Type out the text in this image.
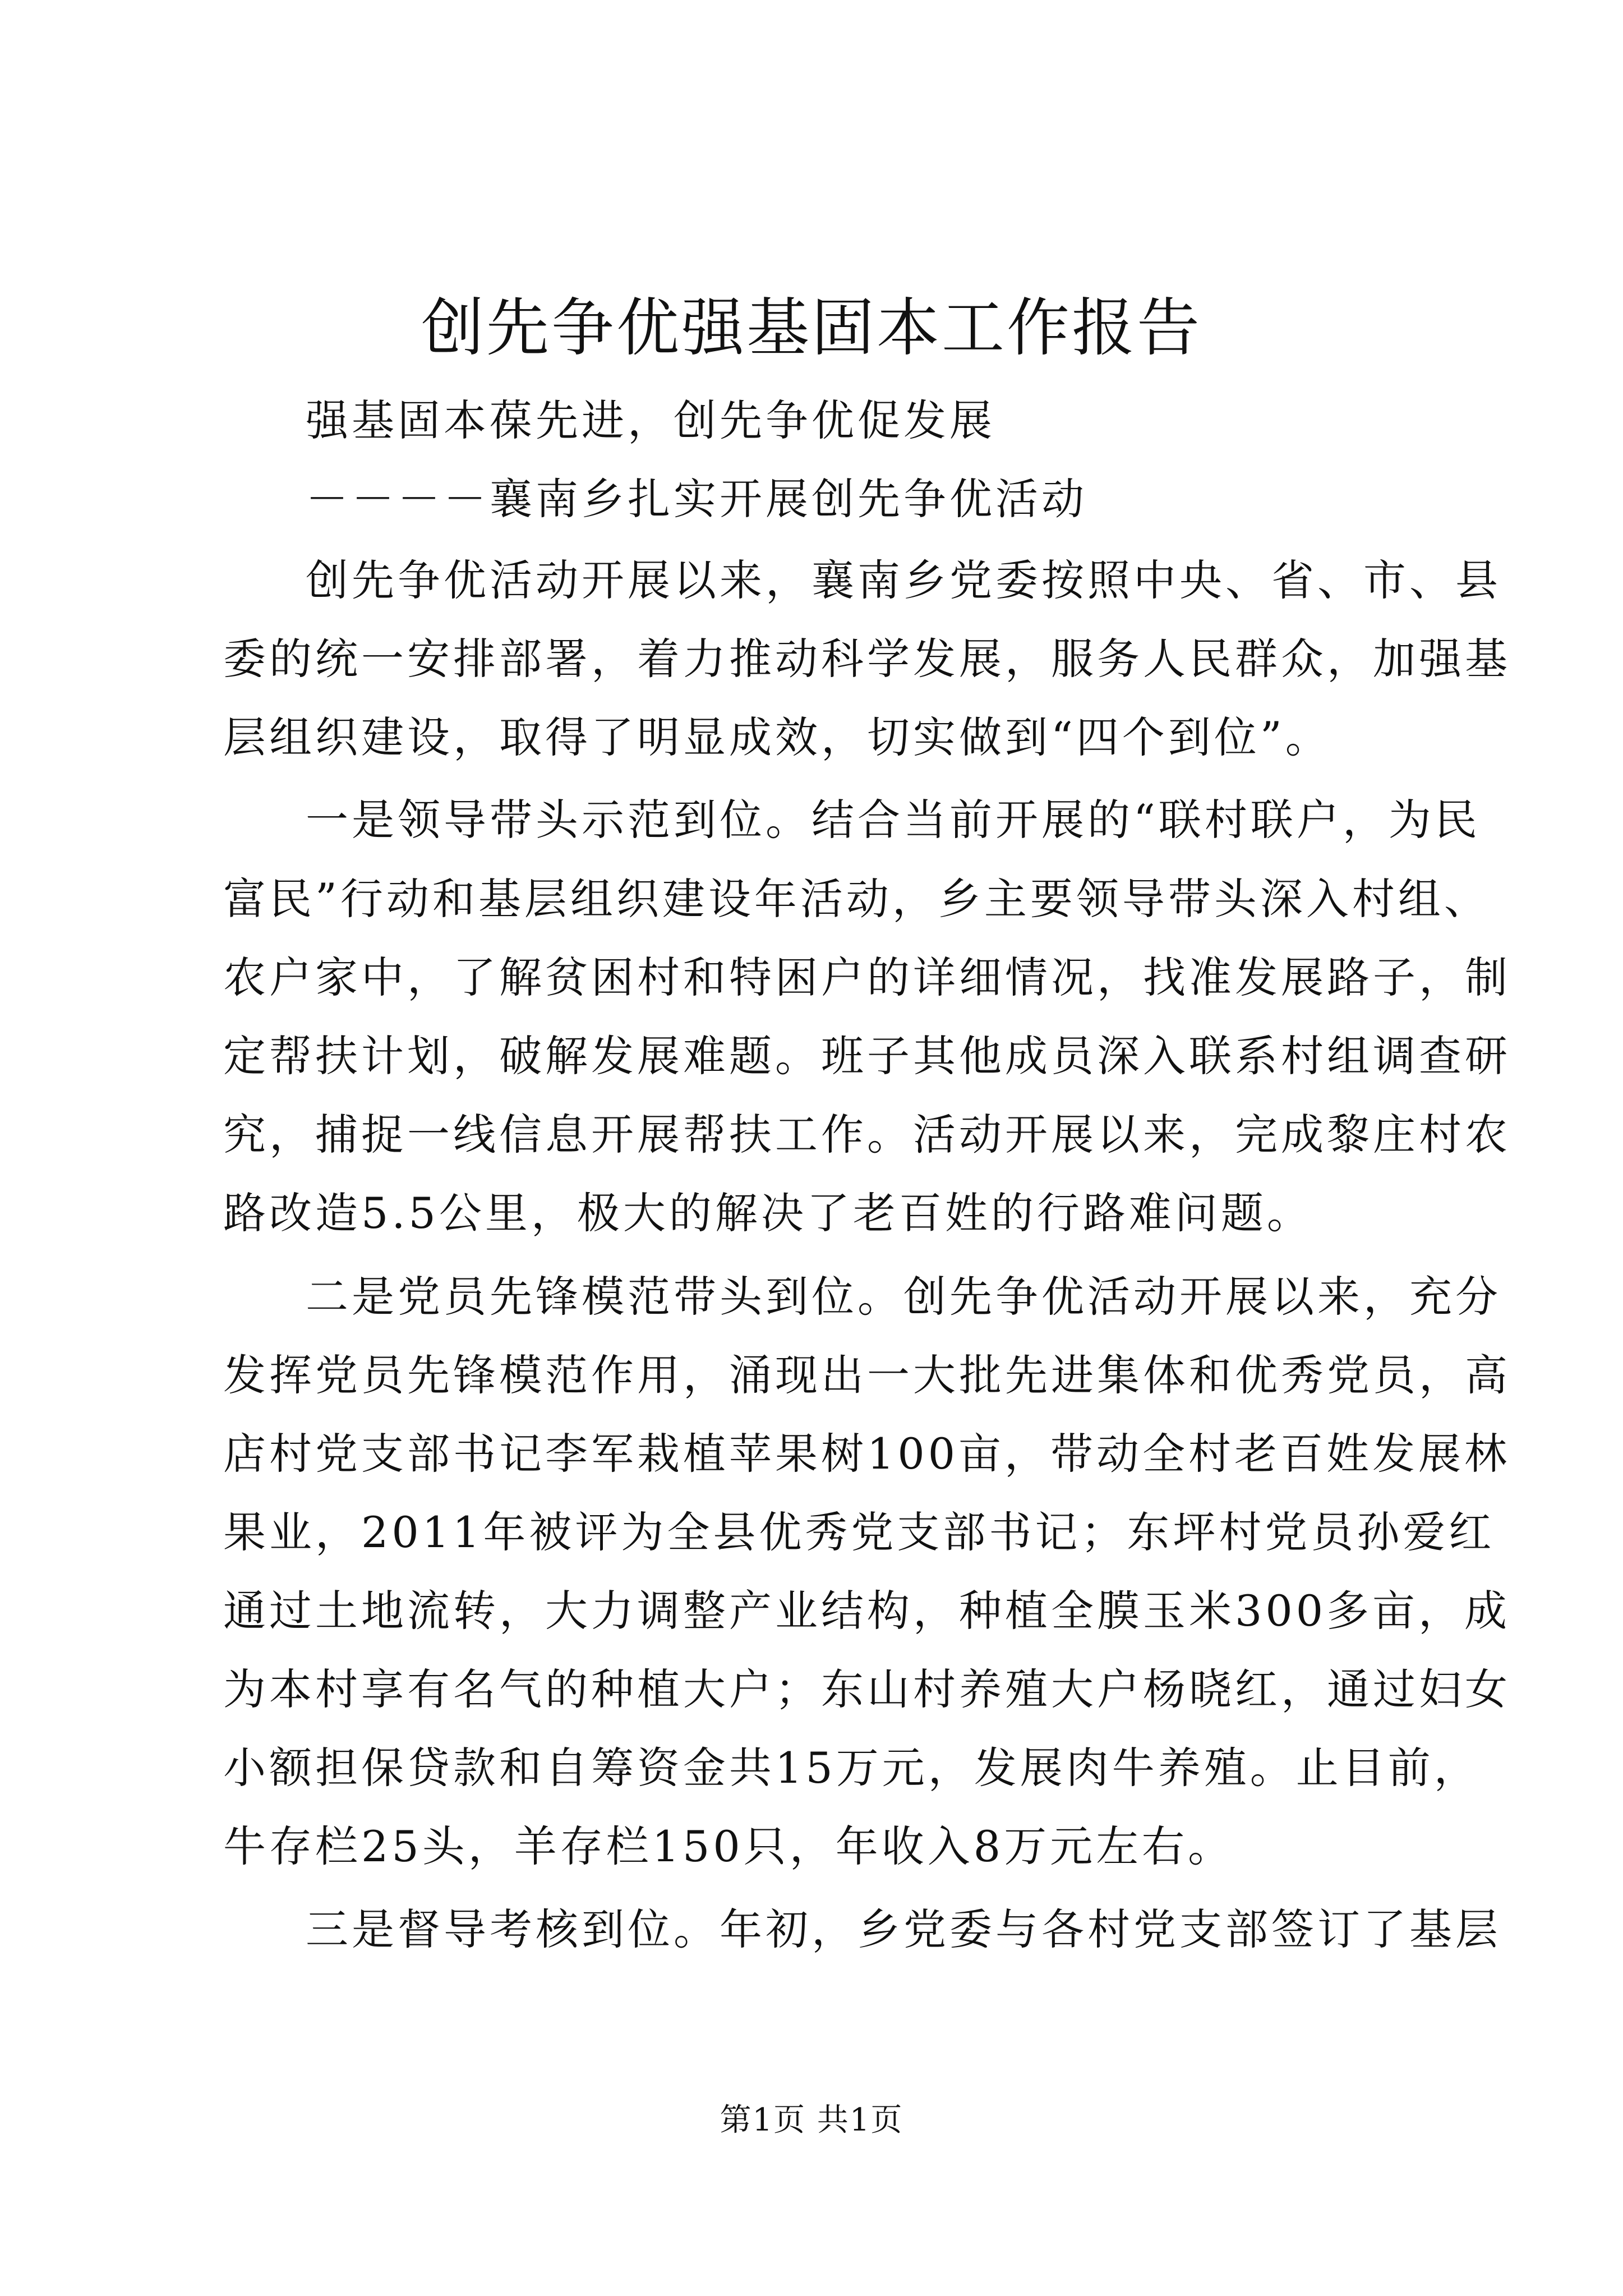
创先争优强基固本工作报告
强基固本葆先进，创先争优促发展
－－－－襄南乡扎实开展创先争优活动
创先争优活动开展以来，襄南乡党委按照中央、省、市、县
委的统一安排部署，着力推动科学发展，服务人民群众，加强基
层组织建设，取得了明显成效，切实做到“四个到位”。
一是领导带头示范到位。结合当前开展的“联村联户，为民
富民”行动和基层组织建设年活动，乡主要领导带头深入村组、
农户家中，了解贫困村和特困户的详细情况，找准发展路子，制
定帮扶计划，破解发展难题。班子其他成员深入联系村组调查研
究，捕捉一线信息开展帮扶工作。活动开展以来，完成黎庄村农
路改造5.5公里，极大的解决了老百姓的行路难问题。
二是党员先锋模范带头到位。创先争优活动开展以来，充分
发挥党员先锋模范作用，涌现出一大批先进集体和优秀党员，高
店村党支部书记李军栽植苹果树100亩，带动全村老百姓发展林
果业，2011年被评为全县优秀党支部书记；东坪村党员孙爱红
通过土地流转，大力调整产业结构，种植全膜玉米300多亩，成
为本村享有名气的种植大户；东山村养殖大户杨晓红，通过妇女
小额担保贷款和自筹资金共15万元，发展肉牛养殖。止目前，
牛存栏25头，羊存栏150只，年收入8万元左右。
三是督导考核到位。年初，乡党委与各村党支部签订了基层
第1页 共1页
